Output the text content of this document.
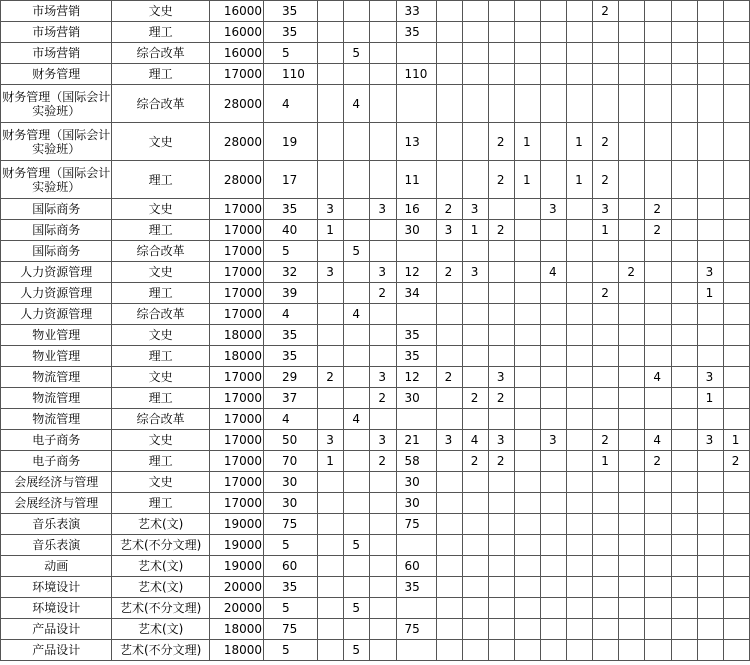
市场营销	文史	16000	35				33							2					
市场营销	理工	16000	35				35												
市场营销	综合改革	16000	5		5														
财务管理	理工	17000	110				110												
财务管理（国际会计实验班）	综合改革	28000	4		4														
财务管理（国际会计实验班）	文史	28000	19				13			2	1		1	2					
财务管理（国际会计实验班）	理工	28000	17				11			2	1		1	2					
国际商务	文史	17000	35	3		3	16	2	3			3		3		2			
国际商务	理工	17000	40	1			30	3	1	2				1		2			
国际商务	综合改革	17000	5		5														
人力资源管理	文史	17000	32	3		3	12	2	3			4			2			3	
人力资源管理	理工	17000	39			2	34							2				1	
人力资源管理	综合改革	17000	4		4														
物业管理	文史	18000	35				35												
物业管理	理工	18000	35				35												
物流管理	文史	17000	29	2		3	12	2		3						4		3	
物流管理	理工	17000	37			2	30		2	2								1	
物流管理	综合改革	17000	4		4														
电子商务	文史	17000	50	3		3	21	3	4	3		3		2		4		3	1
电子商务	理工	17000	70	1		2	58		2	2				1		2			2
会展经济与管理	文史	17000	30				30												
会展经济与管理	理工	17000	30				30												
音乐表演	艺术(文)	19000	75				75												
音乐表演	艺术(不分文理)	19000	5		5														
动画	艺术(文)	19000	60				60												
环境设计	艺术(文)	20000	35				35												
环境设计	艺术(不分文理)	20000	5		5														
产品设计	艺术(文)	18000	75				75												
产品设计	艺术(不分文理)	18000	5		5														
